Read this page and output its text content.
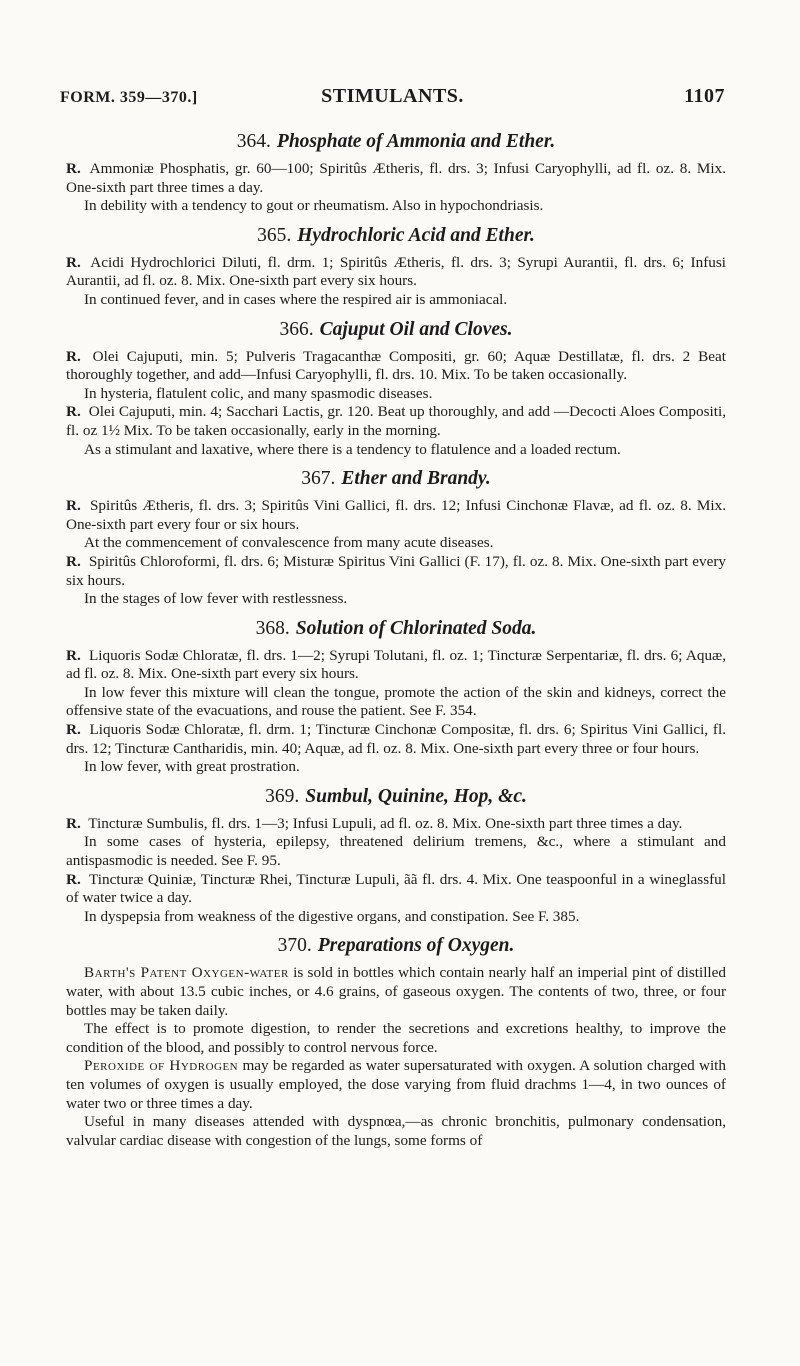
FORM. 359—370.]	STIMULANTS.	1107
364. Phosphate of Ammonia and Ether.

R. Ammoniæ Phosphatis, gr. 60—100; Spiritûs Ætheris, fl. drs. 3; Infusi Caryophylli, ad fl. oz. 8. Mix. One-sixth part three times a day.

In debility with a tendency to gout or rheumatism. Also in hypochondriasis.

365. Hydrochloric Acid and Ether.

R. Acidi Hydrochlorici Diluti, fl. drm. 1; Spiritûs Ætheris, fl. drs. 3; Syrupi Aurantii, fl. drs. 6; Infusi Aurantii, ad fl. oz. 8. Mix. One-sixth part every six hours.

In continued fever, and in cases where the respired air is ammoniacal.

366. Cajuput Oil and Cloves.

R. Olei Cajuputi, min. 5; Pulveris Tragacanthæ Compositi, gr. 60; Aquæ Destillatæ, fl. drs. 2 Beat thoroughly together, and add—Infusi Caryophylli, fl. drs. 10. Mix. To be taken occasionally.

In hysteria, flatulent colic, and many spasmodic diseases.

R. Olei Cajuputi, min. 4; Sacchari Lactis, gr. 120. Beat up thoroughly, and add —Decocti Aloes Compositi, fl. oz 1½ Mix. To be taken occasionally, early in the morning.

As a stimulant and laxative, where there is a tendency to flatulence and a loaded rectum.

367. Ether and Brandy.

R. Spiritûs Ætheris, fl. drs. 3; Spiritûs Vini Gallici, fl. drs. 12; Infusi Cinchonæ Flavæ, ad fl. oz. 8. Mix. One-sixth part every four or six hours.

At the commencement of convalescence from many acute diseases.

R. Spiritûs Chloroformi, fl. drs. 6; Misturæ Spiritus Vini Gallici (F. 17), fl. oz. 8. Mix. One-sixth part every six hours.

In the stages of low fever with restlessness.

368. Solution of Chlorinated Soda.

R. Liquoris Sodæ Chloratæ, fl. drs. 1—2; Syrupi Tolutani, fl. oz. 1; Tincturæ Serpentariæ, fl. drs. 6; Aquæ, ad fl. oz. 8. Mix. One-sixth part every six hours.

In low fever this mixture will clean the tongue, promote the action of the skin and kidneys, correct the offensive state of the evacuations, and rouse the patient. See F. 354.

R. Liquoris Sodæ Chloratæ, fl. drm. 1; Tincturæ Cinchonæ Compositæ, fl. drs. 6; Spiritus Vini Gallici, fl. drs. 12; Tincturæ Cantharidis, min. 40; Aquæ, ad fl. oz. 8. Mix. One-sixth part every three or four hours.

In low fever, with great prostration.

369. Sumbul, Quinine, Hop, &c.

R. Tincturæ Sumbulis, fl. drs. 1—3; Infusi Lupuli, ad fl. oz. 8. Mix. One-sixth part three times a day.

In some cases of hysteria, epilepsy, threatened delirium tremens, &c., where a stimulant and antispasmodic is needed. See F. 95.

R. Tincturæ Quiniæ, Tincturæ Rhei, Tincturæ Lupuli, ãã fl. drs. 4. Mix. One teaspoonful in a wineglassful of water twice a day.

In dyspepsia from weakness of the digestive organs, and constipation. See F. 385.

370. Preparations of Oxygen.

Barth's Patent Oxygen-water is sold in bottles which contain nearly half an imperial pint of distilled water, with about 13.5 cubic inches, or 4.6 grains, of gaseous oxygen. The contents of two, three, or four bottles may be taken daily.

The effect is to promote digestion, to render the secretions and excretions healthy, to improve the condition of the blood, and possibly to control nervous force.

Peroxide of Hydrogen may be regarded as water supersaturated with oxygen. A solution charged with ten volumes of oxygen is usually employed, the dose varying from fluid drachms 1—4, in two ounces of water two or three times a day.

Useful in many diseases attended with dyspnœa,—as chronic bronchitis, pulmonary condensation, valvular cardiac disease with congestion of the lungs, some forms of
